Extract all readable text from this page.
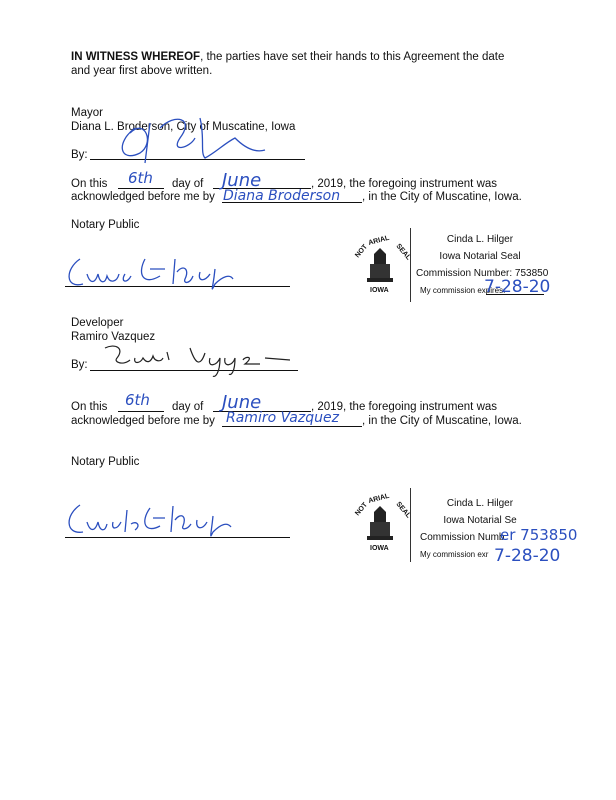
IN WITNESS WHEREOF, the parties have set their hands to this Agreement the date
and year first above written.
Mayor
Diana L. Broderson, City of Muscatine, Iowa
By:
On this 6th day of June	, 2019, the foregoing instrument was
acknowledged before me by Diana Broderson , in the City of Muscatine, Iowa.
Notary Public
NOT
ARIAL
SEAL
IOWA
Cinda L. Hilger
Iowa Notarial Seal
Commission Number: 753850
My commission expires:
7-28-20
Developer
Ramiro Vazquez
By:
On this 6th day of June	, 2019, the foregoing instrument was
acknowledged before me by Ramiro Vazquez , in the City of Muscatine, Iowa.
Notary Public
NOT
ARIAL
SEAL
IOWA
Cinda L. Hilger
Iowa Notarial Se
Commission Numb
er 753850
My commission exr 7-28-20
